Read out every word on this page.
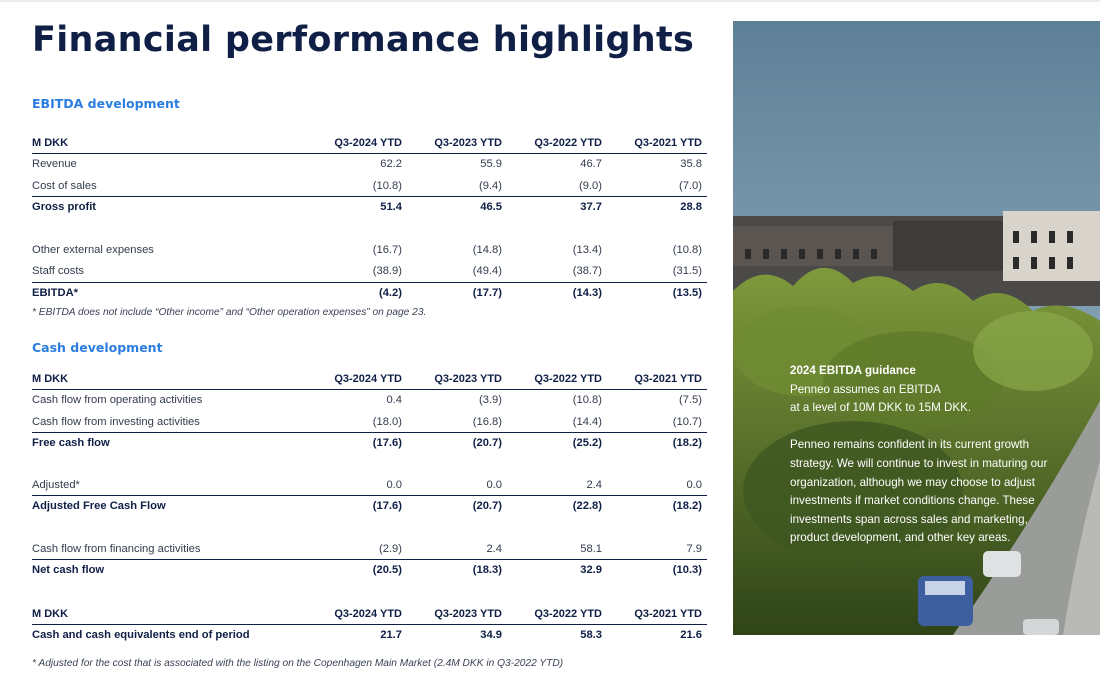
Financial performance highlights
EBITDA development
M DKK	Q3-2024 YTD	Q3-2023 YTD	Q3-2022 YTD	Q3-2021 YTD
Revenue	62.2	55.9	46.7	35.8
Cost of sales	(10.8)	(9.4)	(9.0)	(7.0)
Gross profit	51.4	46.5	37.7	28.8
Other external expenses	(16.7)	(14.8)	(13.4)	(10.8)
Staff costs	(38.9)	(49.4)	(38.7)	(31.5)
EBITDA*	(4.2)	(17.7)	(14.3)	(13.5)
* EBITDA does not include “Other income” and “Other operation expenses” on page 23.
Cash development
M DKK	Q3-2024 YTD	Q3-2023 YTD	Q3-2022 YTD	Q3-2021 YTD
Cash flow from operating activities	0.4	(3.9)	(10.8)	(7.5)
Cash flow from investing activities	(18.0)	(16.8)	(14.4)	(10.7)
Free cash flow	(17.6)	(20.7)	(25.2)	(18.2)
Adjusted*	0.0	0.0	2.4	0.0
Adjusted Free Cash Flow	(17.6)	(20.7)	(22.8)	(18.2)
Cash flow from financing activities	(2.9)	2.4	58.1	7.9
Net cash flow	(20.5)	(18.3)	32.9	(10.3)
M DKK	Q3-2024 YTD	Q3-2023 YTD	Q3-2022 YTD	Q3-2021 YTD
Cash and cash equivalents end of period	21.7	34.9	58.3	21.6
* Adjusted for the cost that is associated with the listing on the Copenhagen Main Market (2.4M DKK in Q3-2022 YTD)

2024 EBITDA guidance

Penneo assumes an EBITDA

at a level of 10M DKK to 15M DKK.

Penneo remains confident in its current growth strategy. We will continue to invest in maturing our organization, although we may choose to adjust investments if market conditions change. These investments span across sales and marketing, product development, and other key areas.
